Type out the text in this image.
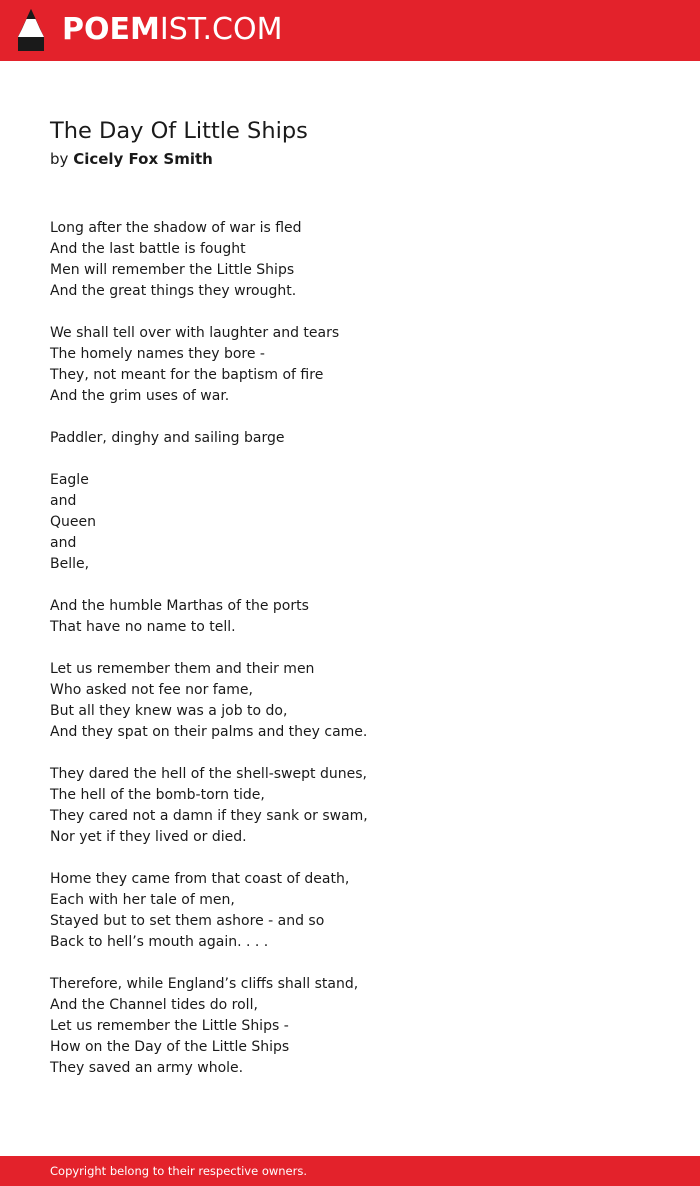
POEMIST.COM
The Day Of Little Ships
by Cicely Fox Smith
Long after the shadow of war is fled
And the last battle is fought
Men will remember the Little Ships
And the great things they wrought.
We shall tell over with laughter and tears
The homely names they bore -
They, not meant for the baptism of fire
And the grim uses of war.
Paddler, dinghy and sailing barge
Eagle
and
Queen
and
Belle,
And the humble Marthas of the ports
That have no name to tell.
Let us remember them and their men
Who asked not fee nor fame,
But all they knew was a job to do,
And they spat on their palms and they came.
They dared the hell of the shell-swept dunes,
The hell of the bomb-torn tide,
They cared not a damn if they sank or swam,
Nor yet if they lived or died.
Home they came from that coast of death,
Each with her tale of men,
Stayed but to set them ashore - and so
Back to hell’s mouth again. . . .
Therefore, while England’s cliffs shall stand,
And the Channel tides do roll,
Let us remember the Little Ships -
How on the Day of the Little Ships
They saved an army whole.
Copyright belong to their respective owners.
